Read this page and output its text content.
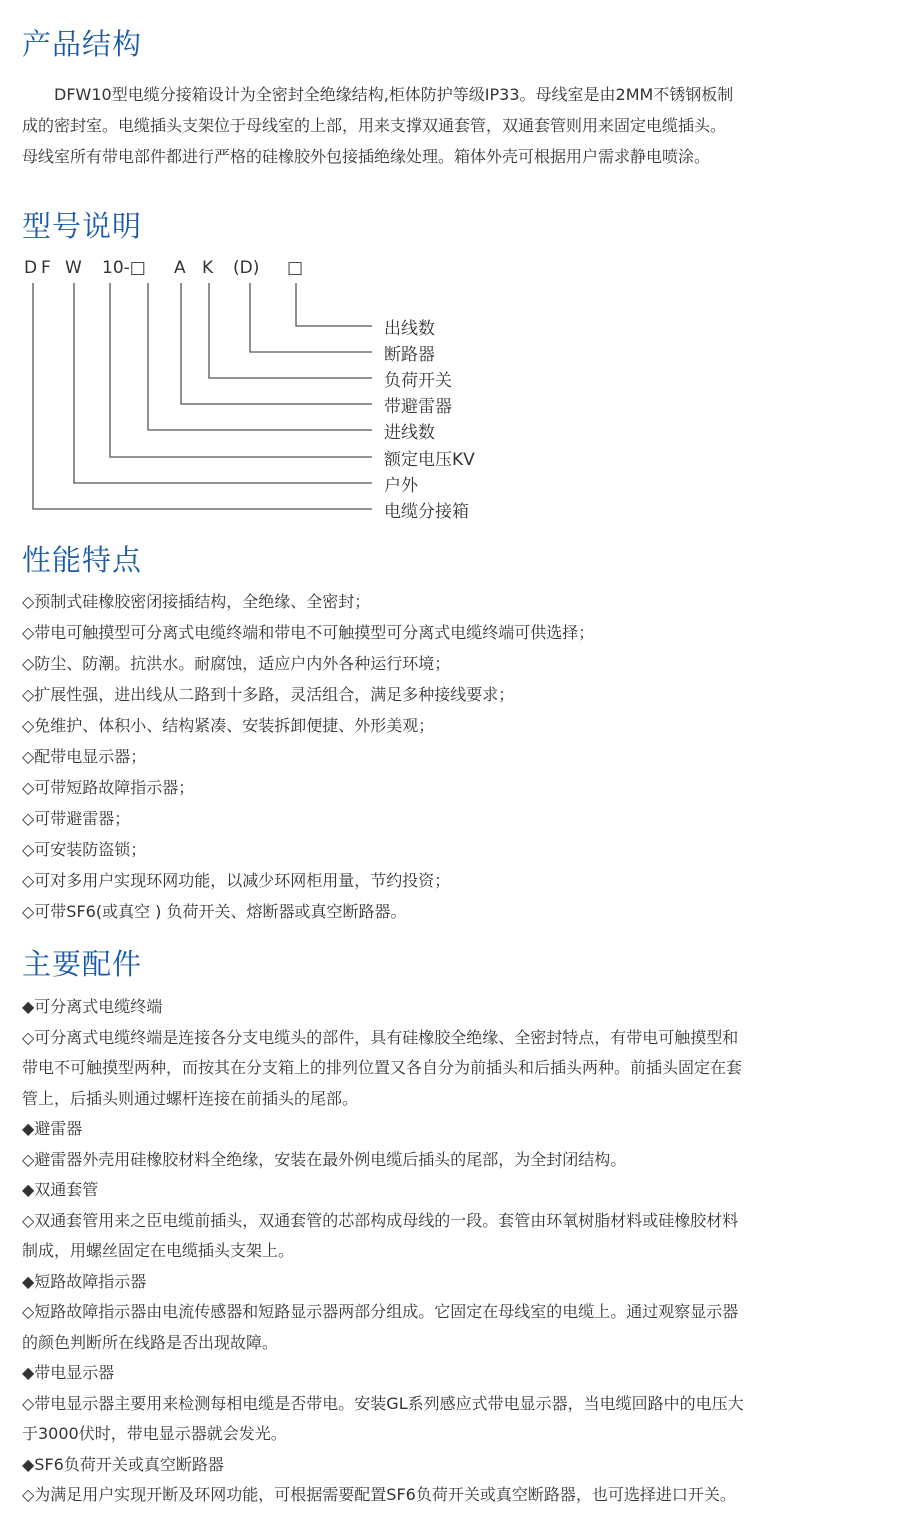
产品结构
　　DFW10型电缆分接箱设计为全密封全绝缘结构,柜体防护等级IP33。母线室是由2MM不锈钢板制
成的密封室。电缆插头支架位于母线室的上部，用来支撑双通套管，双通套管则用来固定电缆插头。
母线室所有带电部件都进行严格的硅橡胶外包接插绝缘处理。箱体外壳可根据用户需求静电喷涂。
型号说明
D F W 10-□ A K (D) □
出线数
断路器
负荷开关
带避雷器
进线数
额定电压KV
户外
电缆分接箱
性能特点
◇预制式硅橡胶密闭接插结构，全绝缘、全密封；
◇带电可触摸型可分离式电缆终端和带电不可触摸型可分离式电缆终端可供选择；
◇防尘、防潮。抗洪水。耐腐蚀，适应户内外各种运行环境；
◇扩展性强，进出线从二路到十多路，灵活组合，满足多种接线要求；
◇免维护、体积小、结构紧凑、安装拆卸便捷、外形美观；
◇配带电显示器；
◇可带短路故障指示器；
◇可带避雷器；
◇可安装防盗锁；
◇可对多用户实现环网功能，以减少环网柜用量，节约投资；
◇可带SF6(或真空 ) 负荷开关、熔断器或真空断路器。
主要配件
◆可分离式电缆终端
◇可分离式电缆终端是连接各分支电缆头的部件，具有硅橡胶全绝缘、全密封特点，有带电可触摸型和
带电不可触摸型两种，而按其在分支箱上的排列位置又各自分为前插头和后插头两种。前插头固定在套
管上，后插头则通过螺杆连接在前插头的尾部。
◆避雷器
◇避雷器外壳用硅橡胶材料全绝缘，安装在最外例电缆后插头的尾部，为全封闭结构。
◆双通套管
◇双通套管用来之臣电缆前插头，双通套管的芯部构成母线的一段。套管由环氧树脂材料或硅橡胶材料
制成，用螺丝固定在电缆插头支架上。
◆短路故障指示器
◇短路故障指示器由电流传感器和短路显示器两部分组成。它固定在母线室的电缆上。通过观察显示器
的颜色判断所在线路是否出现故障。
◆带电显示器
◇带电显示器主要用来检测每相电缆是否带电。安装GL系列感应式带电显示器，当电缆回路中的电压大
于3000伏时，带电显示器就会发光。
◆SF6负荷开关或真空断路器
◇为满足用户实现开断及环网功能，可根据需要配置SF6负荷开关或真空断路器，也可选择进口开关。
